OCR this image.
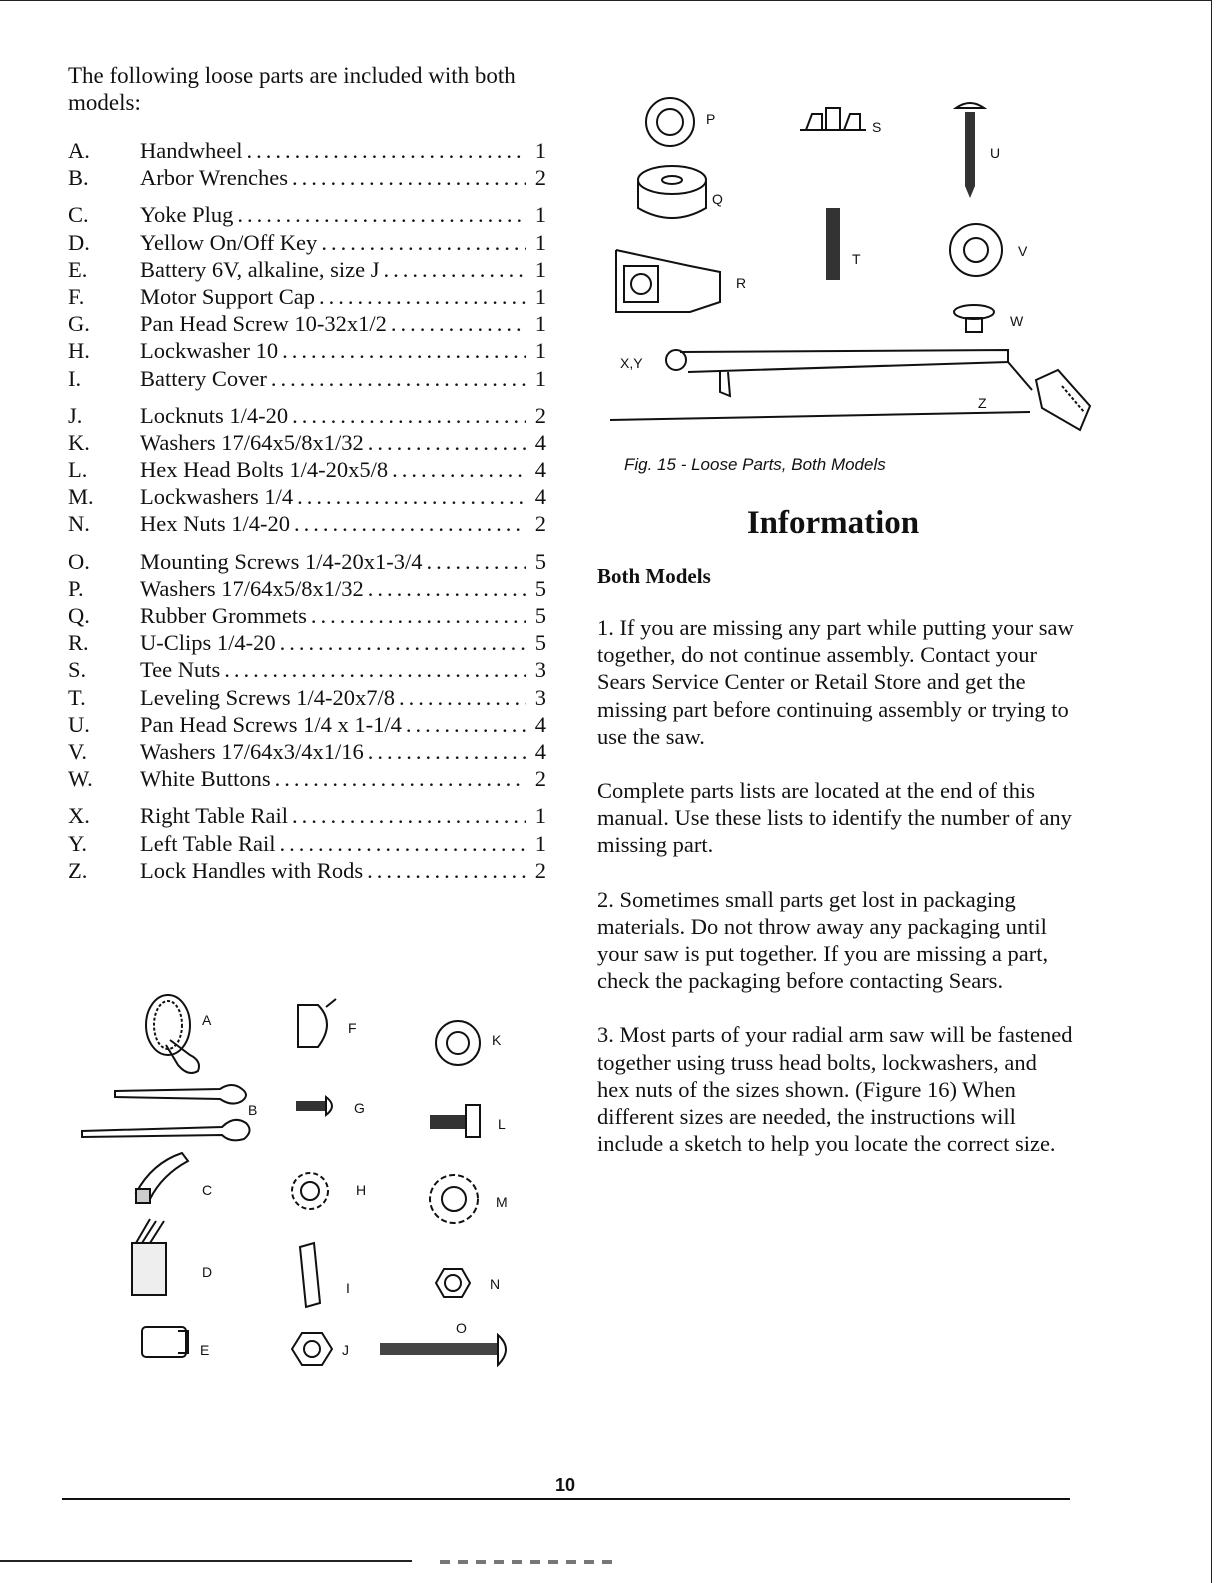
The following loose parts are included with both models:
A.	Handwheel .....	1
B.	Arbor Wrenches .....	2
C.	Yoke Plug .....	1
D.	Yellow On/Off Key .....	1
E.	Battery 6V, alkaline, size J .....	1
F.	Motor Support Cap .....	1
G.	Pan Head Screw 10-32x1/2 .....	1
H.	Lockwasher 10 .....	1
I.	Battery Cover .....	1
J.	Locknuts 1/4-20 .....	2
K.	Washers 17/64x5/8x1/32 .....	4
L.	Hex Head Bolts 1/4-20x5/8 .....	4
M.	Lockwashers 1/4 .....	4
N.	Hex Nuts 1/4-20 .....	2
O.	Mounting Screws 1/4-20x1-3/4 .....	5
P.	Washers 17/64x5/8x1/32 .....	5
Q.	Rubber Grommets .....	5
R.	U-Clips 1/4-20 .....	5
S.	Tee Nuts .....	3
T.	Leveling Screws 1/4-20x7/8 .....	3
U.	Pan Head Screws 1/4 x 1-1/4 .....	4
V.	Washers 17/64x3/4x1/16 .....	4
W.	White Buttons .....	2
X.	Right Table Rail .....	1
Y.	Left Table Rail .....	1
Z.	Lock Handles with Rods .....	2
A
B
C
D
E
F
G
H
I
J
K
L
M
N
O
P	S
U
Q
T	V
R
W
X,Y
Z
Fig. 15 - Loose Parts, Both Models
Information
Both Models

1. If you are missing any part while putting your saw together, do not continue assembly. Contact your Sears Service Center or Retail Store and get the missing part before continuing assembly or trying to use the saw.

Complete parts lists are located at the end of this manual. Use these lists to identify the number of any missing part.

2. Sometimes small parts get lost in packaging materials. Do not throw away any packaging until your saw is put together. If you are missing a part, check the packaging before contacting Sears.

3. Most parts of your radial arm saw will be fastened together using truss head bolts, lockwashers, and hex nuts of the sizes shown. (Figure 16) When different sizes are needed, the instructions will include a sketch to help you locate the correct size.

10
